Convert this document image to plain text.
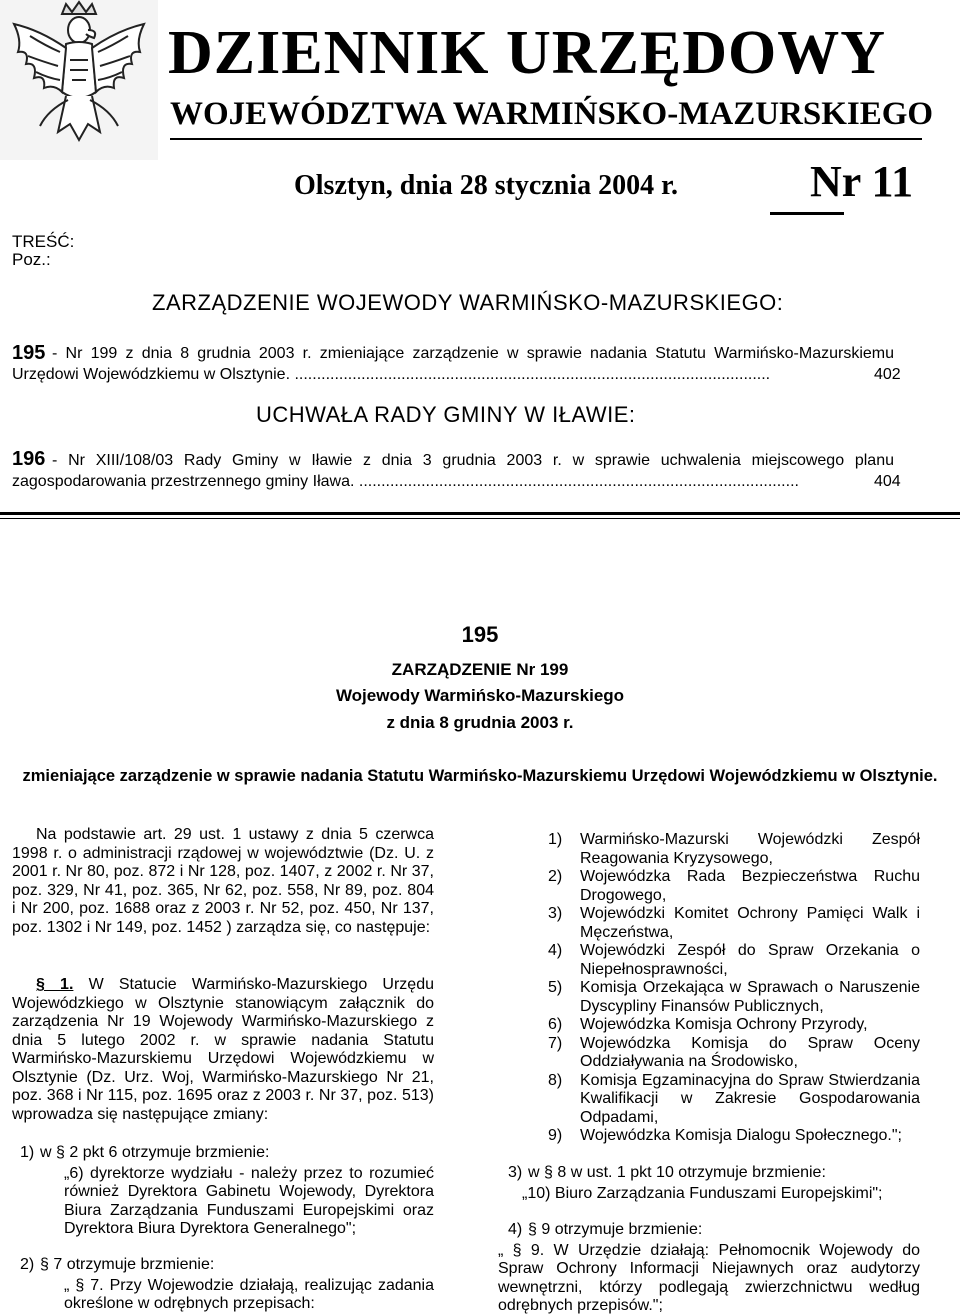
DZIENNIK URZĘDOWY
WOJEWÓDZTWA WARMIŃSKO-MAZURSKIEGO
Olsztyn, dnia 28 stycznia 2004 r.	Nr 11
TREŚĆ:
Poz.:
ZARZĄDZENIE WOJEWODY WARMIŃSKO-MAZURSKIEGO:
195 - Nr 199 z dnia 8 grudnia 2003 r. zmieniające zarządzenie w sprawie nadania Statutu Warmińsko-Mazurskiemu
Urzędowi Wojewódzkiemu w Olsztynie. ...........................................................................................................	402
UCHWAŁA RADY GMINY W IŁAWIE:
196 - Nr XIII/108/03 Rady Gminy w Iławie z dnia 3 grudnia 2003 r. w sprawie uchwalenia miejscowego planu
zagospodarowania przestrzennego gminy Iława. ...................................................................................................	404
195
ZARZĄDZENIE Nr 199
Wojewody Warmińsko-Mazurskiego
z dnia 8 grudnia 2003 r.
zmieniające zarządzenie w sprawie nadania Statutu Warmińsko-Mazurskiemu Urzędowi Wojewódzkiemu w Olsztynie.
Na podstawie art. 29 ust. 1 ustawy z dnia 5 czerwca 1998 r. o administracji rządowej w województwie (Dz. U. z 2001 r. Nr 80, poz. 872 i Nr 128, poz. 1407, z 2002 r. Nr 37, poz. 329, Nr 41, poz. 365, Nr 62, poz. 558, Nr 89, poz. 804 i Nr 200, poz. 1688 oraz z 2003 r. Nr 52, poz. 450, Nr 137, poz. 1302 i Nr 149, poz. 1452 ) zarządza się, co następuje:
§ 1. W Statucie Warmińsko-Mazurskiego Urzędu Wojewódzkiego w Olsztynie stanowiącym załącznik do zarządzenia Nr 19 Wojewody Warmińsko-Mazurskiego z dnia 5 lutego 2002 r. w sprawie nadania Statutu Warmińsko-Mazurskiemu Urzędowi Wojewódzkiemu w Olsztynie (Dz. Urz. Woj, Warmińsko-Mazurskiego Nr 21, poz. 368 i Nr 115, poz. 1695 oraz z 2003 r. Nr 37, poz. 513) wprowadza się następujące zmiany:
1) w § 2 pkt 6 otrzymuje brzmienie:
„6) dyrektorze wydziału - należy przez to rozumieć również Dyrektora Gabinetu Wojewody, Dyrektora Biura Zarządzania Funduszami Europejskimi oraz Dyrektora Biura Dyrektora Generalnego";
2) § 7 otrzymuje brzmienie:
„ § 7. Przy Wojewodzie działają, realizując zadania określone w odrębnych przepisach:
1)	Warmińsko-Mazurski Wojewódzki Zespół Reagowania Kryzysowego,
2)	Wojewódzka Rada Bezpieczeństwa Ruchu Drogowego,
3)	Wojewódzki Komitet Ochrony Pamięci Walk i Męczeństwa,
4)	Wojewódzki Zespół do Spraw Orzekania o Niepełnosprawności,
5)	Komisja Orzekająca w Sprawach o Naruszenie Dyscypliny Finansów Publicznych,
6)	Wojewódzka Komisja Ochrony Przyrody,
7)	Wojewódzka Komisja do Spraw Oceny Oddziaływania na Środowisko,
8)	Komisja Egzaminacyjna do Spraw Stwierdzania Kwalifikacji w Zakresie Gospodarowania Odpadami,
9)	Wojewódzka Komisja Dialogu Społecznego.";
3) w § 8 w ust. 1 pkt 10 otrzymuje brzmienie:
„10) Biuro Zarządzania Funduszami Europejskimi";
4) § 9 otrzymuje brzmienie:
„ § 9. W Urzędzie działają: Pełnomocnik Wojewody do Spraw Ochrony Informacji Niejawnych oraz audytorzy wewnętrzni, którzy podlegają zwierzchnictwu według odrębnych przepisów.";
